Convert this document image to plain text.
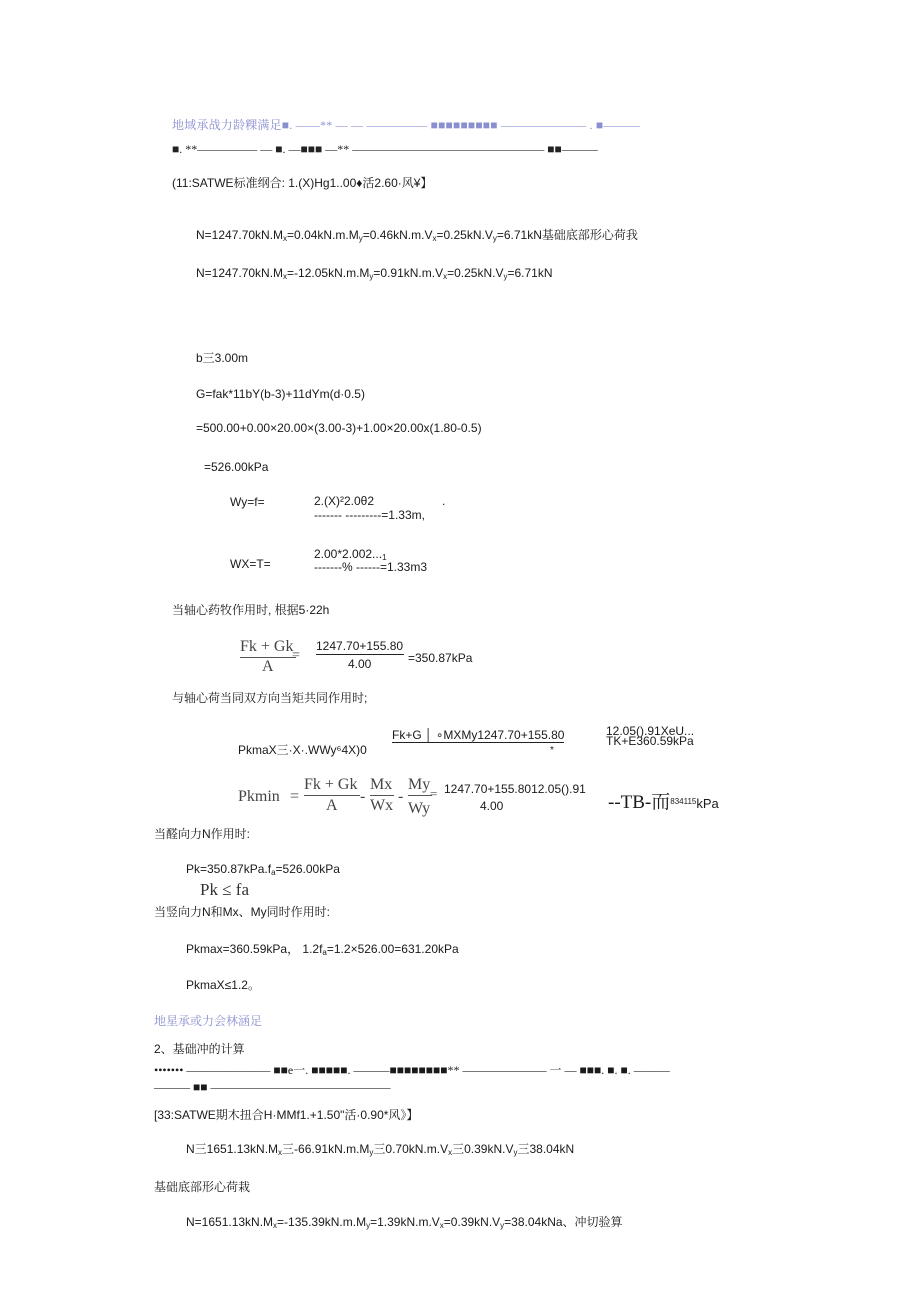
地域承战力龄粿满足■. ——** — — ————— ■■■■■■■■■ ——————— . ■———
■. **————— — ■. —■■■ —** ———————————————— ■■———
(11:SATWE标准纲合: 1.(X)Hg1..00♦活2.60·风¥】
$N=1247.70kN.M_x=0.04kN.m.M_y=0.46kN.m.V_x=0.25kN.V_y=6.71kN$基础底部形心荷我
$N=1247.70kN.M_x=-12.05kN.m.M_y=0.91kN.m.V_x=0.25kN.V_y=6.71kN$
b三3.00m
G=fak*11bY(b-3)+11dYm(d·0.5)
=500.00+0.00×20.00×(3.00-3)+1.00×20.00x(1.80-0.5)
=526.00kPa
Wy=f=	2.(X)²2.0θ2	.
------- ---------=1.33m,
$2.00*2.002..._1$
WX=T=	-------% ------=1.33m3
当轴心药牧作用时, 根据5·22h
Fk + Gk
A
=
1247.70+155.80
4.00	=350.87kPa
与轴心荷当同双方向当矩共同作用时;
Fk+G │ ∘MXMy1247.70+155.80
*
12.05().91XeU...
TK+E360.59kPa
PkmaX三·X·.WWy⁶4X)0
Pkmin =
Fk + Gk
A
-
Mx
Wx
-
My
Wy
= 1247.70+155.8012.05().91
4.00	--TB-而$^{834115}$kPa
当醛向力N作用时:
$Pk=350.87kPa.f_a=526.00kPa$
Pk ≤ fa
当竖向力N和Mx、My同时作用时:
Pkmax=360.59kPa， $1.2f_a=1.2\times 526.00=631.20kPa$
PkmaX≤1.2。
地星承或力会林涵足
2、基础冲的计算
••••••• ——————— ■■e一. ■■■■■. ———■■■■■■■■** ——————— 一 — ■■■. ■. ■. ———
——— ■■ ———————————————
[33:SATWE期木扭合H·MMf1.+1.50"活·0.90*风》】
N三$1651.13kN.M_x$三$-66.91kN.m.M_y$三$0.70kN.m.V_x$三$0.39kN.V_y$三38.04kN
基础底部形心荷栽
$N=1651.13kN.M_x=-135.39kN.m.M_y=1.39kN.m.V_x=0.39kN.V_y=38.04kNa$、冲切验算
